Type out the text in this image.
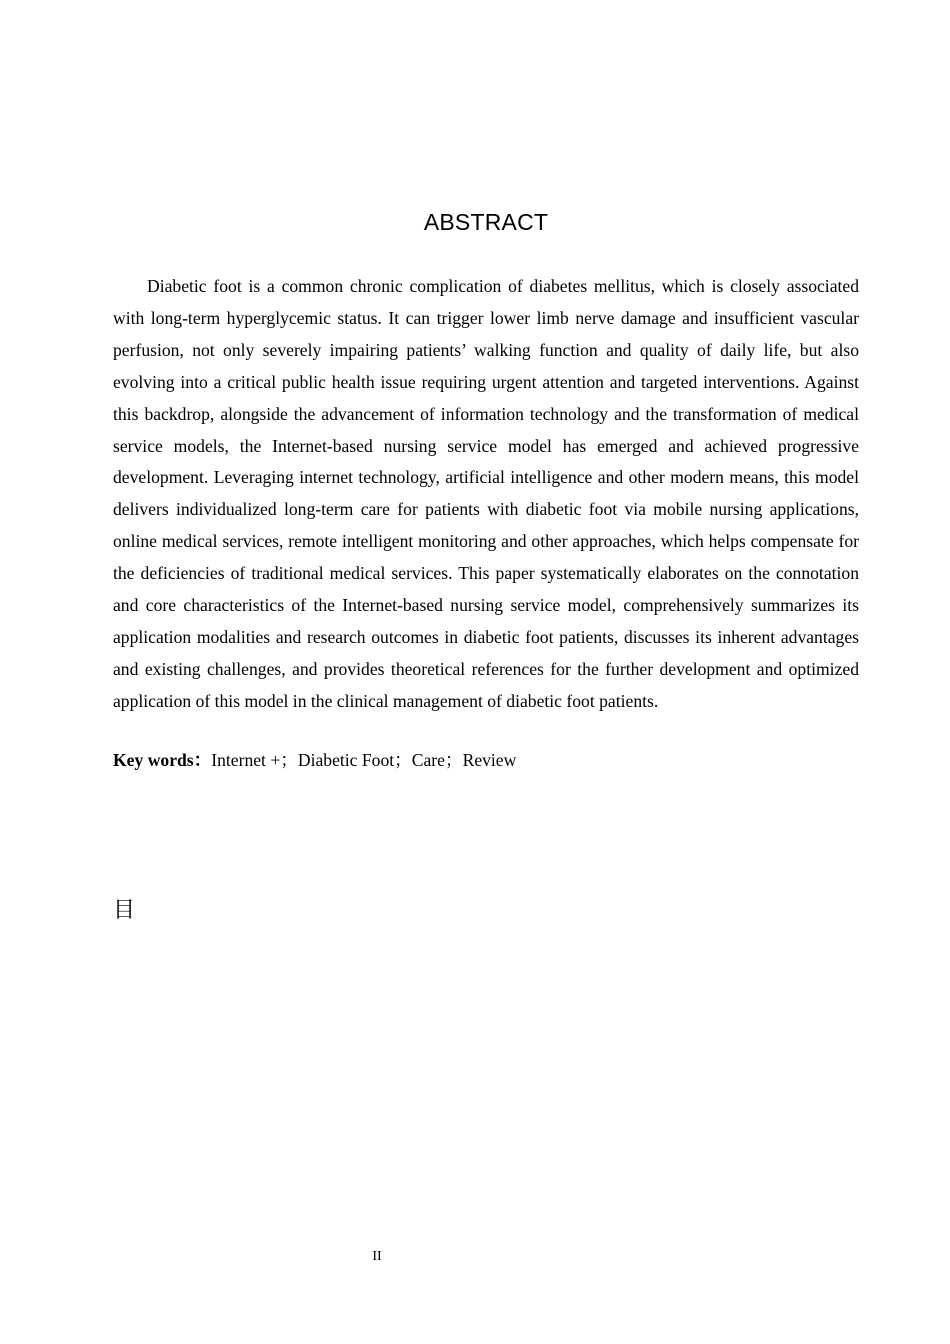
ABSTRACT

Diabetic foot is a common chronic complication of diabetes mellitus, which is closely associated with long-term hyperglycemic status. It can trigger lower limb nerve damage and insufficient vascular perfusion, not only severely impairing patients’ walking function and quality of daily life, but also evolving into a critical public health issue requiring urgent attention and targeted interventions. Against this backdrop, alongside the advancement of information technology and the transformation of medical service models, the Internet-based nursing service model has emerged and achieved progressive development. Leveraging internet technology, artificial intelligence and other modern means, this model delivers individualized long-term care for patients with diabetic foot via mobile nursing applications, online medical services, remote intelligent monitoring and other approaches, which helps compensate for the deficiencies of traditional medical services. This paper systematically elaborates on the connotation and core characteristics of the Internet-based nursing service model, comprehensively summarizes its application modalities and research outcomes in diabetic foot patients, discusses its inherent advantages and existing challenges, and provides theoretical references for the further development and optimized application of this model in the clinical management of diabetic foot patients.

Key words：Internet +；Diabetic Foot；Care；Review
目
II
